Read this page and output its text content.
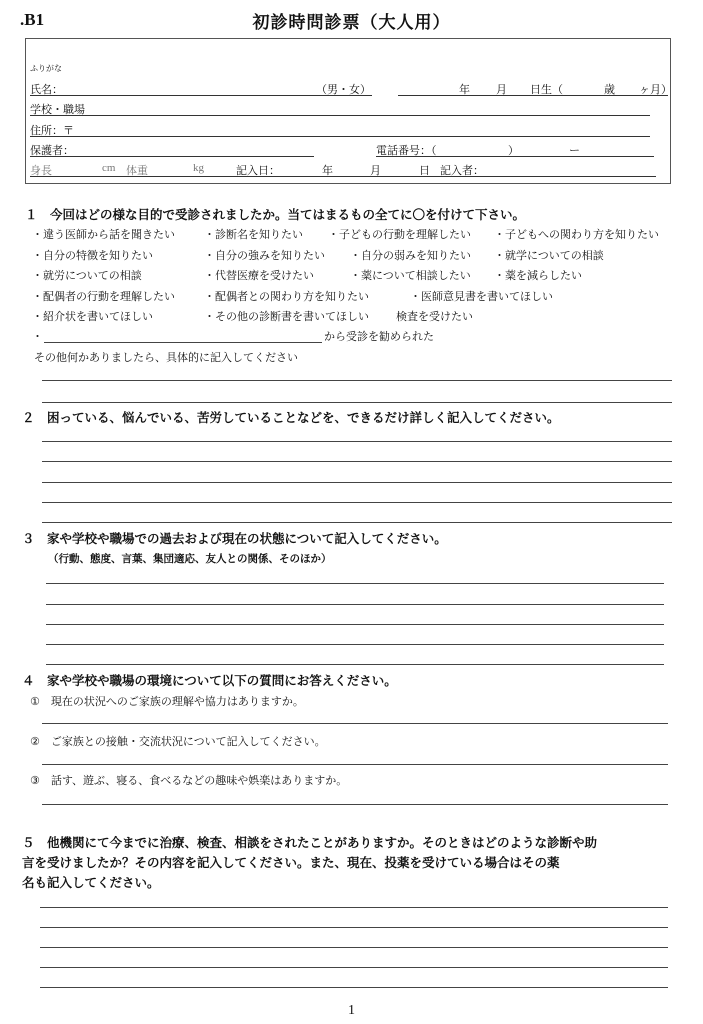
.B1	初診時問診票（大人用）
ふりがな
氏名：	（男・女）	年 月 日生（	歳 ヶ月）
学校・職場
住所：〒
保護者：	電話番号：（	）	ー
身長	cm 体重	kg	記入日：	年	月	日 記入者：
１　今回はどの様な目的で受診されましたか。当てはまるもの全てに〇を付けて下さい。
・違う医師から話を聞きたい	・診断名を知りたい ・子どもの行動を理解したい ・子どもへの関わり方を知りたい
・自分の特徴を知りたい	・自分の強みを知りたい ・自分の弱みを知りたい ・就学についての相談
・就労についての相談	・代替医療を受けたい	・薬について相談したい ・薬を減らしたい
・配偶者の行動を理解したい	・配偶者との関わり方を知りたい	・医師意見書を書いてほしい
・紹介状を書いてほしい	・その他の診断書を書いてほしい 検査を受けたい
・	から受診を勧められた
その他何かありましたら、具体的に記入してください
２　困っている、悩んでいる、苦労していることなどを、できるだけ詳しく記入してください。
３　家や学校や職場での過去および現在の状態について記入してください。
（行動、態度、言葉、集団適応、友人との関係、そのほか）
４　家や学校や職場の環境について以下の質問にお答えください。
①　現在の状況へのご家族の理解や協力はありますか。
②　ご家族との接触・交流状況について記入してください。
③　話す、遊ぶ、寝る、食べるなどの趣味や娯楽はありますか。
５　他機関にて今までに治療、検査、相談をされたことがありますか。そのときはどのような診断や助
言を受けましたか？その内容を記入してください。また、現在、投薬を受けている場合はその薬
名も記入してください。
1
